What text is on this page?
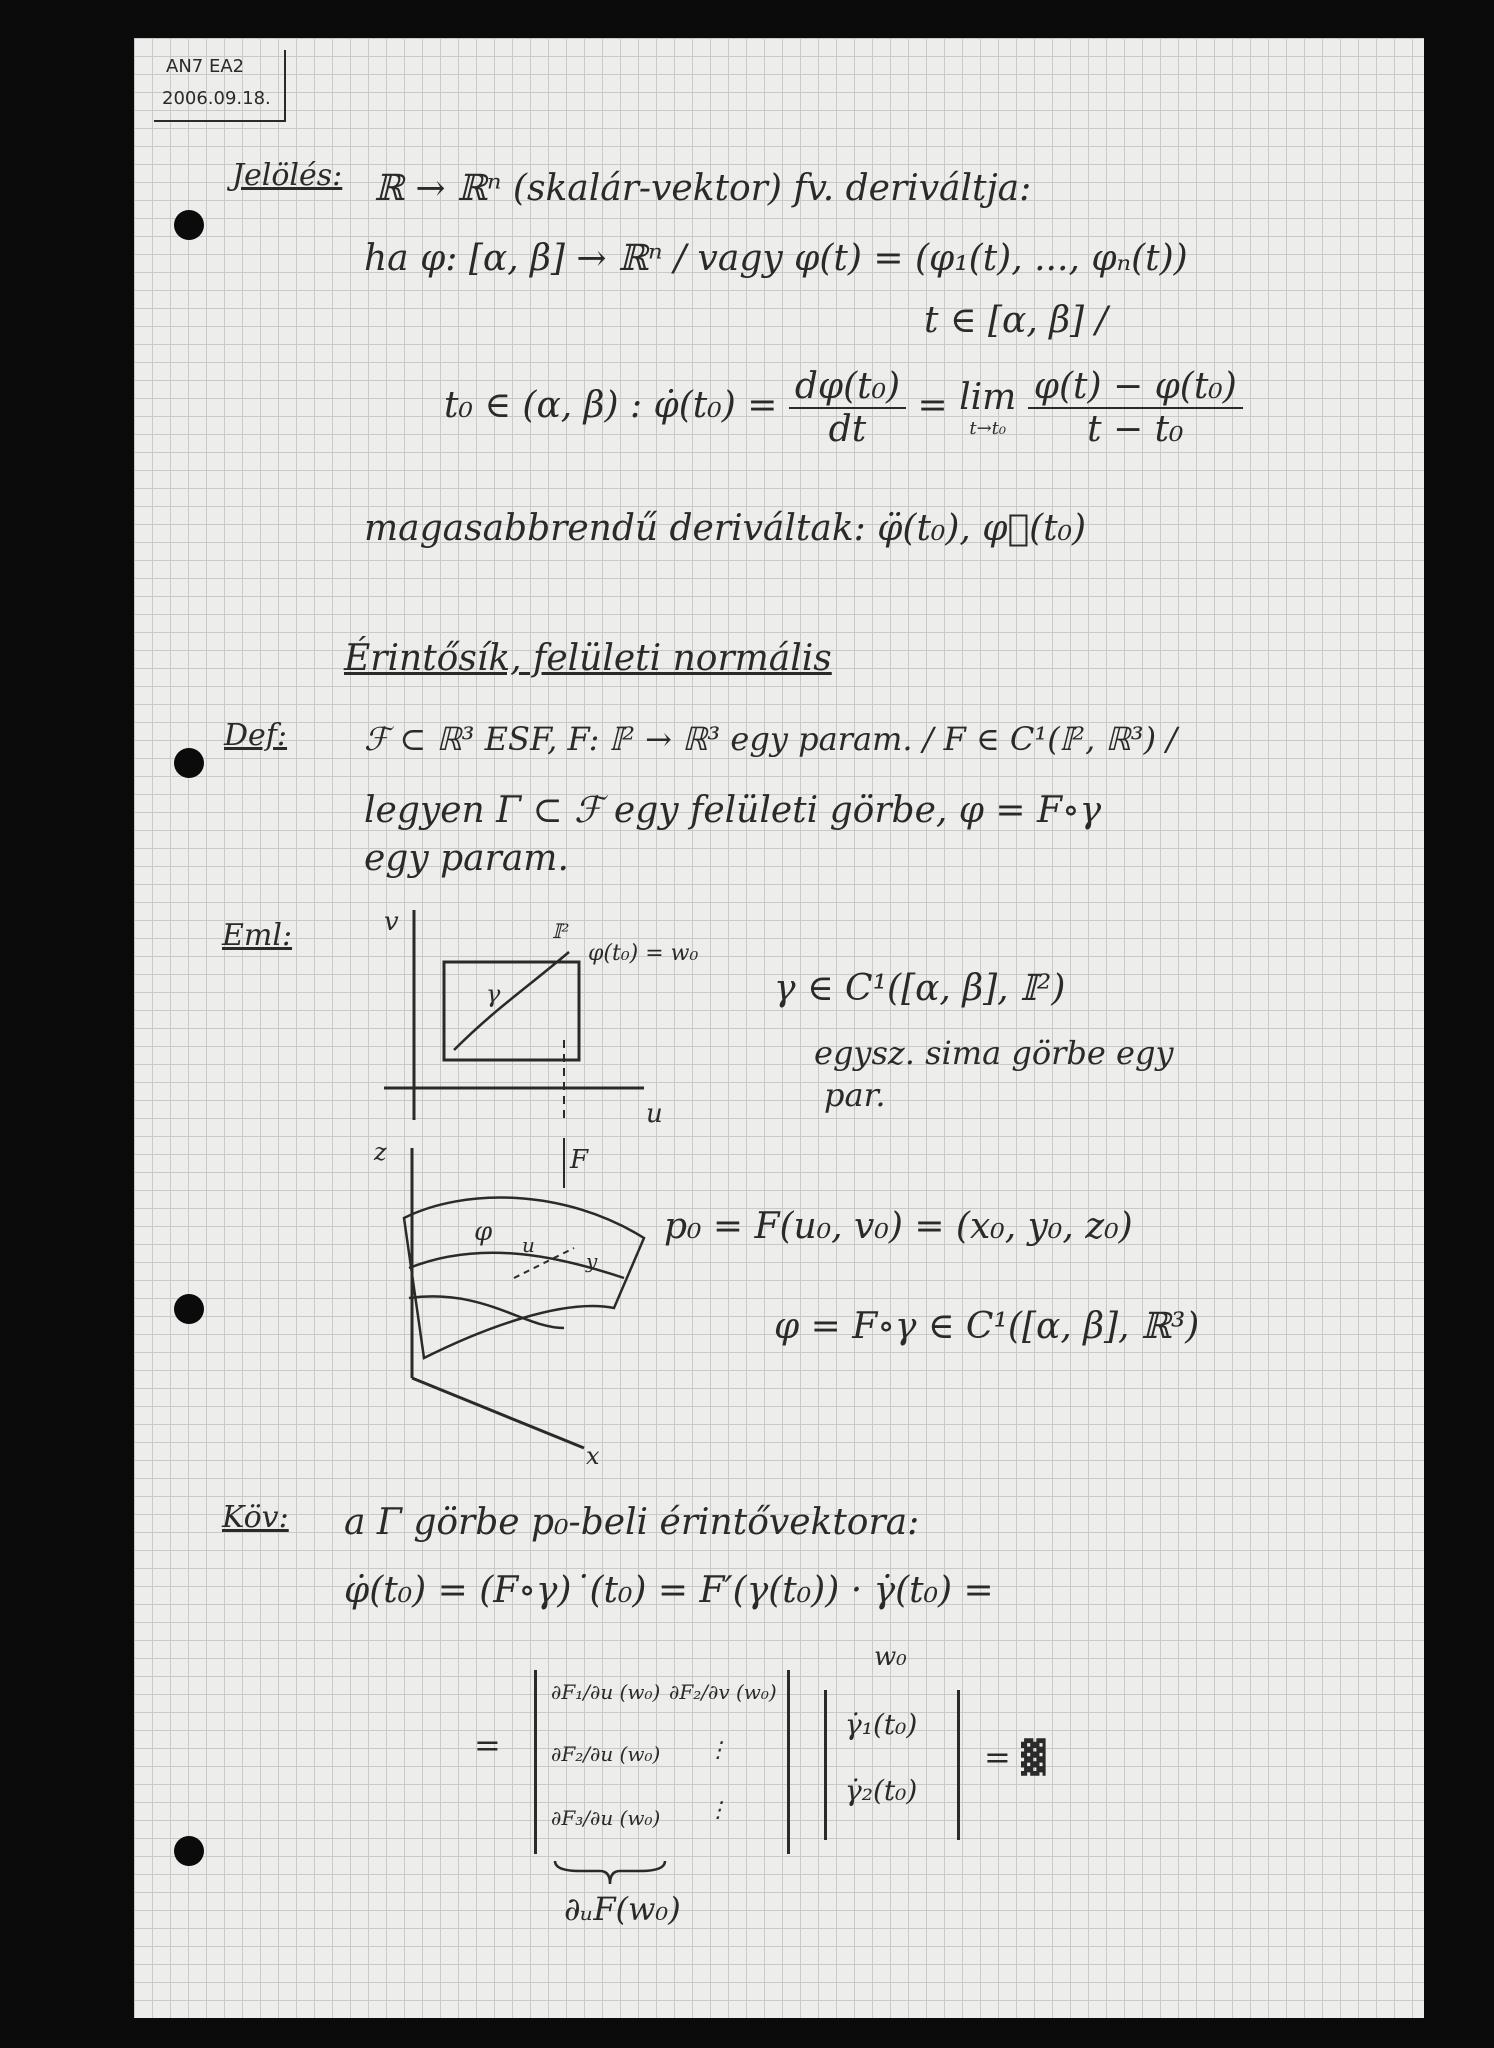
AN7 EA2
2006.09.18.
Jelölés: ℝ → ℝⁿ (skalár-vektor) fv. deriváltja:
ha φ: [α, β] → ℝⁿ / vagy φ(t) = (φ₁(t), ..., φₙ(t))
t ∈ [α, β] /
t₀ ∈ (α, β) : φ̇(t₀) = $\frac{\text{dφ(t₀)}}{dt} = \lim$
t→t₀
$\frac{\text{φ(t) − φ(t₀)}}{\text{t − t₀}}$
magasabbrendű deriváltak: φ̈(t₀), φ⃛(t₀)
Érintősík, felületi normális
Def: ℱ ⊂ ℝ³ ESF, F: 𝕀² → ℝ³ egy param. / F ∈ C¹(𝕀², ℝ³) /
legyen Γ ⊂ ℱ egy felületi görbe, φ = F∘γ
egy param.
Eml:	v
u
γ
𝕀²
φ(t₀) = w₀
γ ∈ C¹([α, β], 𝕀²)
egysz. sima görbe egy
par.
F
z
x
φ u
y
p₀ = F(u₀, v₀) = (x₀, y₀, z₀)
φ = F∘γ ∈ C¹([α, β], ℝ³)
Köv: a Γ görbe p₀-beli érintővektora:
φ̇(t₀) = (F∘γ)˙(t₀) = F′(γ(t₀)) · γ̇(t₀) =
w₀
=
∂F₁/∂u (w₀) ∂F₂/∂v (w₀)
∂F₂/∂u (w₀) ⋮
∂F₃/∂u (w₀) ⋮
γ̇₁(t₀)
γ̇₂(t₀)
= ▓
∂ᵤF(w₀)
